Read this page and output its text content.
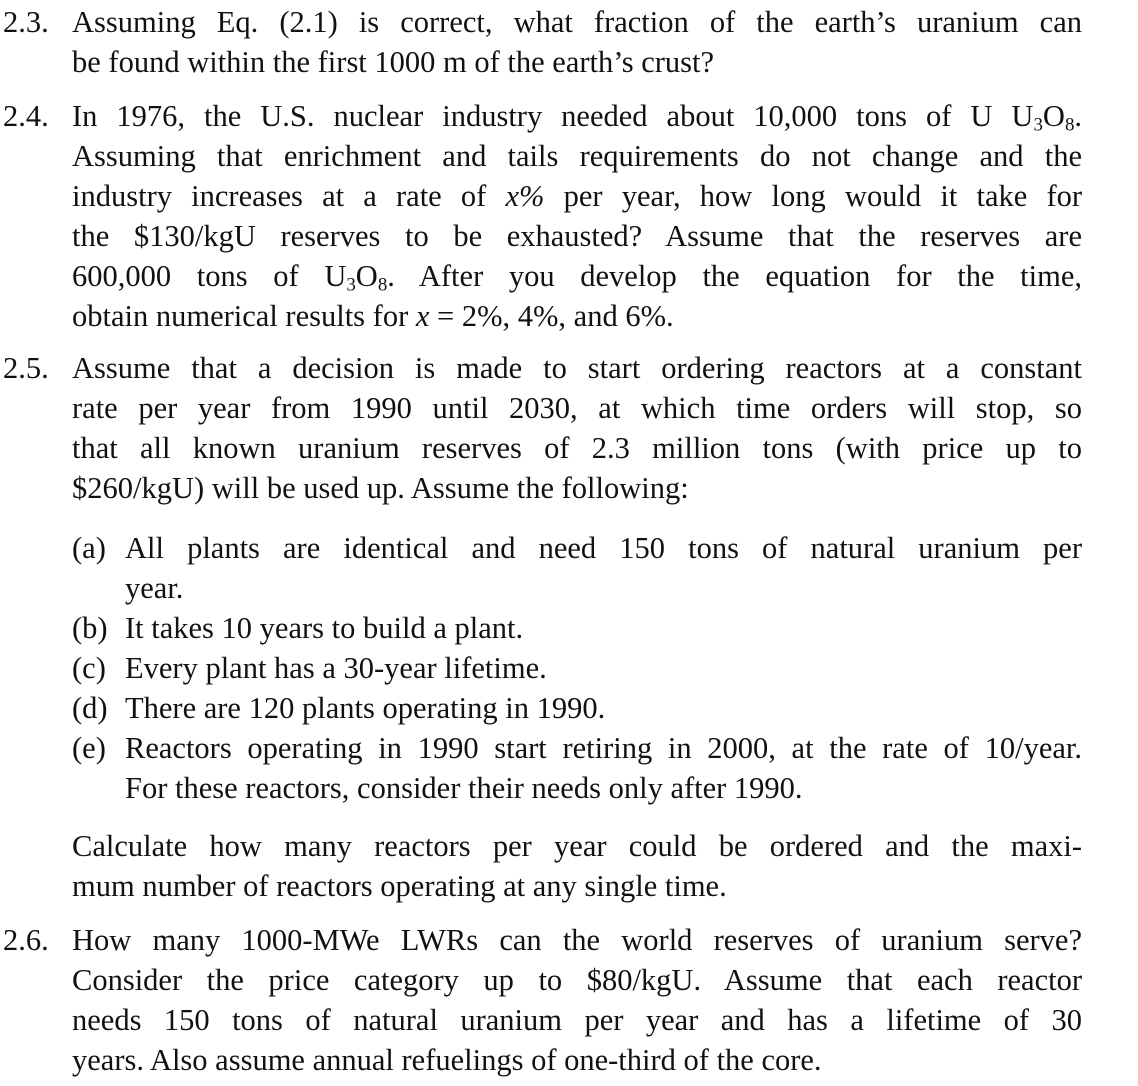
2.3. Assuming Eq. (2.1) is correct, what fraction of the earth’s uranium can
be found within the first 1000 m of the earth’s crust?
2.4. In 1976, the U.S. nuclear industry needed about 10,000 tons of U $U_3O_8$.
Assuming that enrichment and tails requirements do not change and the
industry increases at a rate of x% per year, how long would it take for
the $130/kgU reserves to be exhausted? Assume that the reserves are
600,000 tons of $U_3O_8$. After you develop the equation for the time,
obtain numerical results for x = 2%, 4%, and 6%.
2.5. Assume that a decision is made to start ordering reactors at a constant
rate per year from 1990 until 2030, at which time orders will stop, so
that all known uranium reserves of 2.3 million tons (with price up to
$260/kgU) will be used up. Assume the following:
(a) All plants are identical and need 150 tons of natural uranium per
year.
(b) It takes 10 years to build a plant.
(c) Every plant has a 30-year lifetime.
(d) There are 120 plants operating in 1990.
(e) Reactors operating in 1990 start retiring in 2000, at the rate of 10/year.
For these reactors, consider their needs only after 1990.
Calculate how many reactors per year could be ordered and the maxi-
mum number of reactors operating at any single time.
2.6. How many 1000-MWe LWRs can the world reserves of uranium serve?
Consider the price category up to $80/kgU. Assume that each reactor
needs 150 tons of natural uranium per year and has a lifetime of 30
years. Also assume annual refuelings of one-third of the core.
